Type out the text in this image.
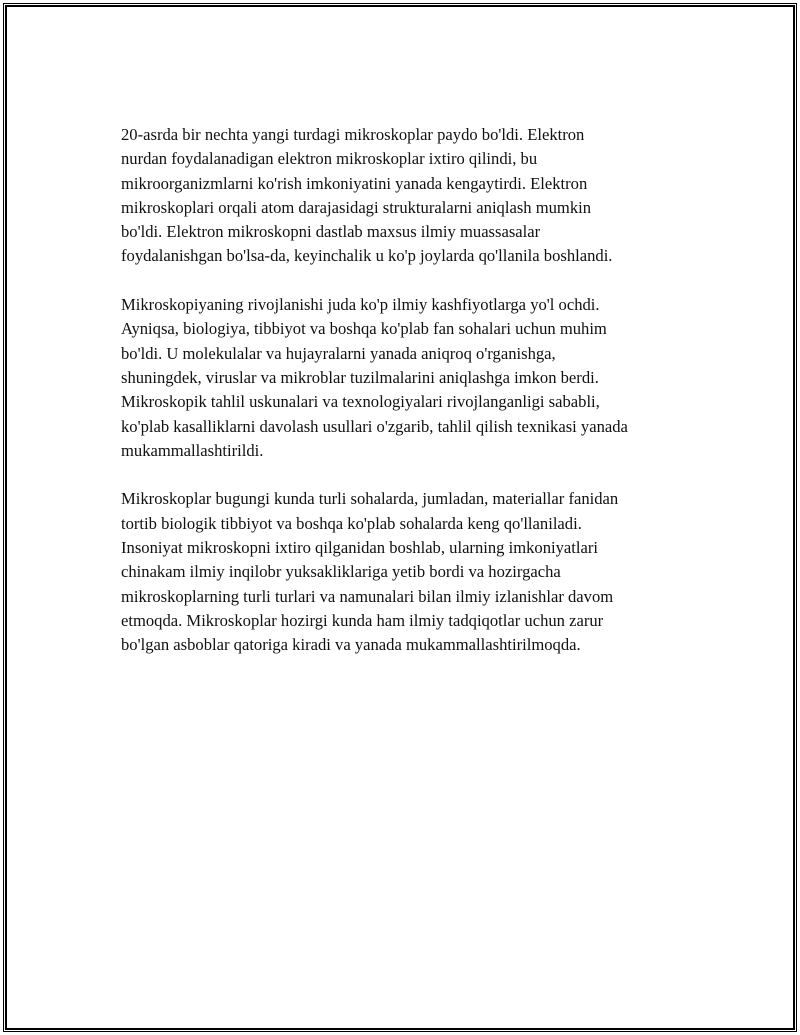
20-asrda bir nechta yangi turdagi mikroskoplar paydo bo'ldi. Elektron
nurdan foydalanadigan elektron mikroskoplar ixtiro qilindi, bu
mikroorganizmlarni ko'rish imkoniyatini yanada kengaytirdi. Elektron
mikroskoplari orqali atom darajasidagi strukturalarni aniqlash mumkin
bo'ldi. Elektron mikroskopni dastlab maxsus ilmiy muassasalar
foydalanishgan bo'lsa-da, keyinchalik u ko'p joylarda qo'llanila boshlandi.

Mikroskopiyaning rivojlanishi juda ko'p ilmiy kashfiyotlarga yo'l ochdi.
Ayniqsa, biologiya, tibbiyot va boshqa ko'plab fan sohalari uchun muhim
bo'ldi. U molekulalar va hujayralarni yanada aniqroq o'rganishga,
shuningdek, viruslar va mikroblar tuzilmalarini aniqlashga imkon berdi.
Mikroskopik tahlil uskunalari va texnologiyalari rivojlanganligi sababli,
ko'plab kasalliklarni davolash usullari o'zgarib, tahlil qilish texnikasi yanada
mukammallashtirildi.

Mikroskoplar bugungi kunda turli sohalarda, jumladan, materiallar fanidan
tortib biologik tibbiyot va boshqa ko'plab sohalarda keng qo'llaniladi.
Insoniyat mikroskopni ixtiro qilganidan boshlab, ularning imkoniyatlari
chinakam ilmiy inqilobr yuksakliklariga yetib bordi va hozirgacha
mikroskoplarning turli turlari va namunalari bilan ilmiy izlanishlar davom
etmoqda. Mikroskoplar hozirgi kunda ham ilmiy tadqiqotlar uchun zarur
bo'lgan asboblar qatoriga kiradi va yanada mukammallashtirilmoqda.
